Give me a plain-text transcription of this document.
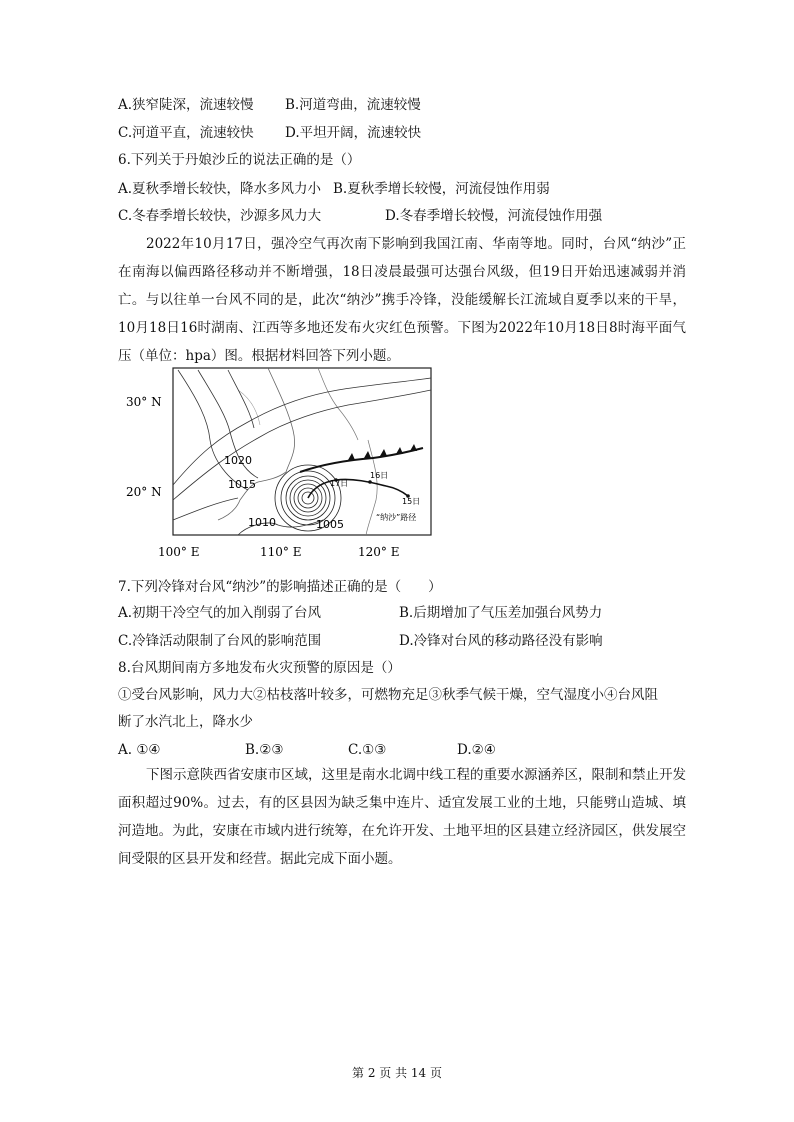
A.狭窄陡深，流速较慢 B.河道弯曲，流速较慢
C.河道平直，流速较快 D.平坦开阔，流速较快
6.下列关于丹娘沙丘的说法正确的是（）
A.夏秋季增长较快，降水多风力小 B.夏秋季增长较慢，河流侵蚀作用弱
C.冬春季增长较快，沙源多风力大	D.冬春季增长较慢，河流侵蚀作用强
2022年10月17日，强冷空气再次南下影响到我国江南、华南等地。同时，台风“纳沙”正在南海以偏西路径移动并不断增强，18日凌晨最强可达强台风级，但19日开始迅速减弱并消亡。与以往单一台风不同的是，此次“纳沙”携手冷锋，没能缓解长江流域自夏季以来的干旱，10月18日16时湖南、江西等多地还发布火灾红色预警。下图为2022年10月18日8时海平面气压（单位：hpa）图。根据材料回答下列小题。
30° N
20° N
100° E	110° E	120° E
1020
1015
1010	1005
17日
16日
15日
“纳沙”路径
7.下列冷锋对台风“纳沙”的影响描述正确的是（　　）
A.初期干冷空气的加入削弱了台风	B.后期增加了气压差加强台风势力
C.冷锋活动限制了台风的影响范围	D.冷锋对台风的移动路径没有影响
8.台风期间南方多地发布火灾预警的原因是（）
①受台风影响，风力大②枯枝落叶较多，可燃物充足③秋季气候干燥，空气湿度小④台风阻
断了水汽北上，降水少
A. ①④	B.②③	C.①③	D.②④
下图示意陕西省安康市区域，这里是南水北调中线工程的重要水源涵养区，限制和禁止开发面积超过90%。过去，有的区县因为缺乏集中连片、适宜发展工业的土地，只能劈山造城、填河造地。为此，安康在市域内进行统筹，在允许开发、土地平坦的区县建立经济园区，供发展空间受限的区县开发和经营。据此完成下面小题。
第 2 页 共 14 页
